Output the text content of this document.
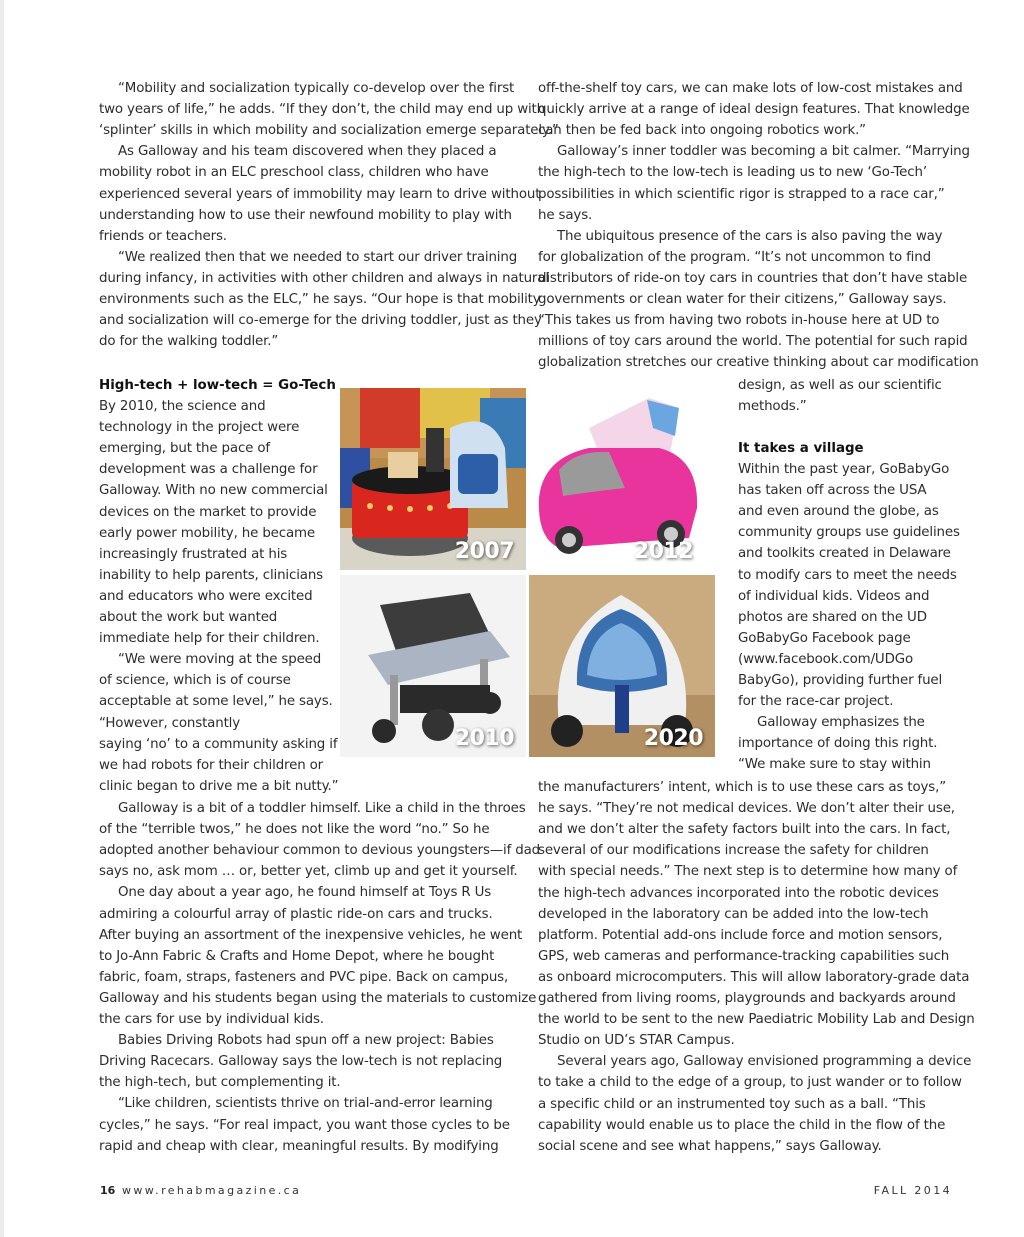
“Mobility and socialization typically co-develop over the first
two years of life,” he adds. “If they don’t, the child may end up with
‘splinter’ skills in which mobility and socialization emerge separately.”
As Galloway and his team discovered when they placed a
mobility robot in an ELC preschool class, children who have
experienced several years of immobility may learn to drive without
understanding how to use their newfound mobility to play with
friends or teachers.
“We realized then that we needed to start our driver training
during infancy, in activities with other children and always in natural
environments such as the ELC,” he says. “Our hope is that mobility
and socialization will co-emerge for the driving toddler, just as they
do for the walking toddler.”
High-tech + low-tech = Go-Tech
By 2010, the science and
technology in the project were
emerging, but the pace of
development was a challenge for
Galloway. With no new commercial
devices on the market to provide
early power mobility, he became
increasingly frustrated at his
inability to help parents, clinicians
and educators who were excited
about the work but wanted
immediate help for their children.
“We were moving at the speed
of science, which is of course
acceptable at some level,” he says.
“However, constantly
saying ‘no’ to a community asking if
we had robots for their children or
clinic began to drive me a bit nutty.”
Galloway is a bit of a toddler himself. Like a child in the throes
of the “terrible twos,” he does not like the word “no.” So he
adopted another behaviour common to devious youngsters—if dad
says no, ask mom … or, better yet, climb up and get it yourself.
One day about a year ago, he found himself at Toys R Us
admiring a colourful array of plastic ride-on cars and trucks.
After buying an assortment of the inexpensive vehicles, he went
to Jo-Ann Fabric & Crafts and Home Depot, where he bought
fabric, foam, straps, fasteners and PVC pipe. Back on campus,
Galloway and his students began using the materials to customize
the cars for use by individual kids.
Babies Driving Robots had spun off a new project: Babies
Driving Racecars. Galloway says the low-tech is not replacing
the high-tech, but complementing it.
“Like children, scientists thrive on trial-and-error learning
cycles,” he says. “For real impact, you want those cycles to be
rapid and cheap with clear, meaningful results. By modifying
off-the-shelf toy cars, we can make lots of low-cost mistakes and
quickly arrive at a range of ideal design features. That knowledge
can then be fed back into ongoing robotics work.”
Galloway’s inner toddler was becoming a bit calmer. “Marrying
the high-tech to the low-tech is leading us to new ‘Go-Tech’
possibilities in which scientific rigor is strapped to a race car,”
he says.
The ubiquitous presence of the cars is also paving the way
for globalization of the program. “It’s not uncommon to find
distributors of ride-on toy cars in countries that don’t have stable
governments or clean water for their citizens,” Galloway says.
“This takes us from having two robots in-house here at UD to
millions of toy cars around the world. The potential for such rapid
globalization stretches our creative thinking about car modification
design, as well as our scientific
methods.”
It takes a village
Within the past year, GoBabyGo
has taken off across the USA
and even around the globe, as
community groups use guidelines
and toolkits created in Delaware
to modify cars to meet the needs
of individual kids. Videos and
photos are shared on the UD
GoBabyGo Facebook page
(www.facebook.com/UDGo
BabyGo), providing further fuel
for the race-car project.
Galloway emphasizes the
importance of doing this right.
“We make sure to stay within
the manufacturers’ intent, which is to use these cars as toys,”
he says. “They’re not medical devices. We don’t alter their use,
and we don’t alter the safety factors built into the cars. In fact,
several of our modifications increase the safety for children
with special needs.” The next step is to determine how many of
the high-tech advances incorporated into the robotic devices
developed in the laboratory can be added into the low-tech
platform. Potential add-ons include force and motion sensors,
GPS, web cameras and performance-tracking capabilities such
as onboard microcomputers. This will allow laboratory-grade data
gathered from living rooms, playgrounds and backyards around
the world to be sent to the new Paediatric Mobility Lab and Design
Studio on UD’s STAR Campus.
Several years ago, Galloway envisioned programming a device
to take a child to the edge of a group, to just wander or to follow
a specific child or an instrumented toy such as a ball. “This
capability would enable us to place the child in the flow of the
social scene and see what happens,” says Galloway.
2007	2012
2010	2020
16 www.rehabmagazine.ca	FALL 2014
